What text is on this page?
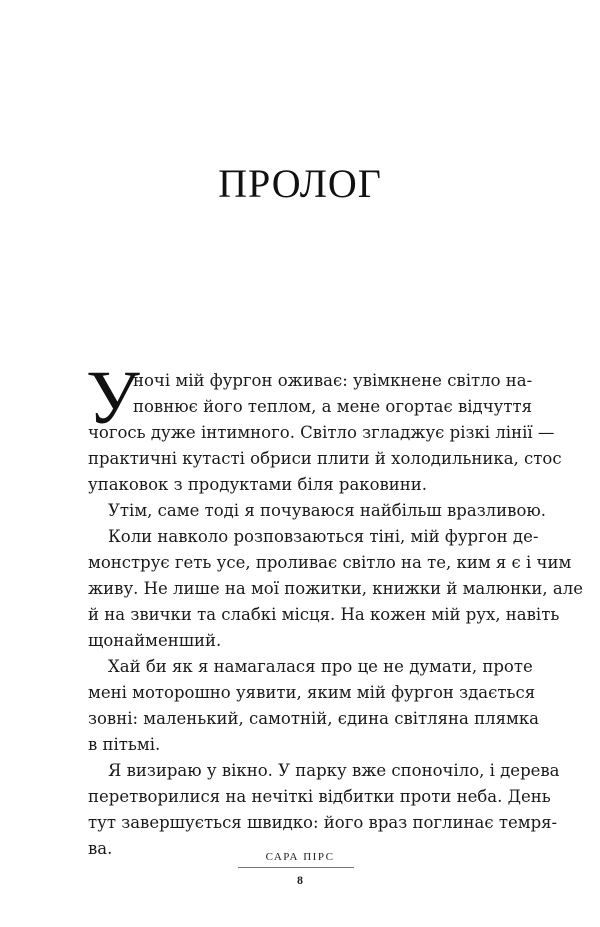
ПРОЛОГ
У
ночі мій фургон оживає: увімкнене світло на-
повнює його теплом, а мене огортає відчуття
чогось дуже інтимного. Світло згладжує різкі лінії —
практичні кутасті обриси плити й холодильника, стос
упаковок з продуктами біля раковини.
Утім, саме тоді я почуваюся найбільш вразливою.
Коли навколо розповзаються тіні, мій фургон де-
монструє геть усе, проливає світло на те, ким я є і чим
живу. Не лише на мої пожитки, книжки й малюнки, але
й на звички та слабкі місця. На кожен мій рух, навіть
щонайменший.
Хай би як я намагалася про це не думати, проте
мені моторошно уявити, яким мій фургон здається
зовні: маленький, самотній, єдина світляна плямка
в пітьмі.
Я визираю у вікно. У парку вже споночіло, і дерева
перетворилися на нечіткі відбитки проти неба. День
тут завершується швидко: його враз поглинає темря-
ва.	САРА ПІРС
8
